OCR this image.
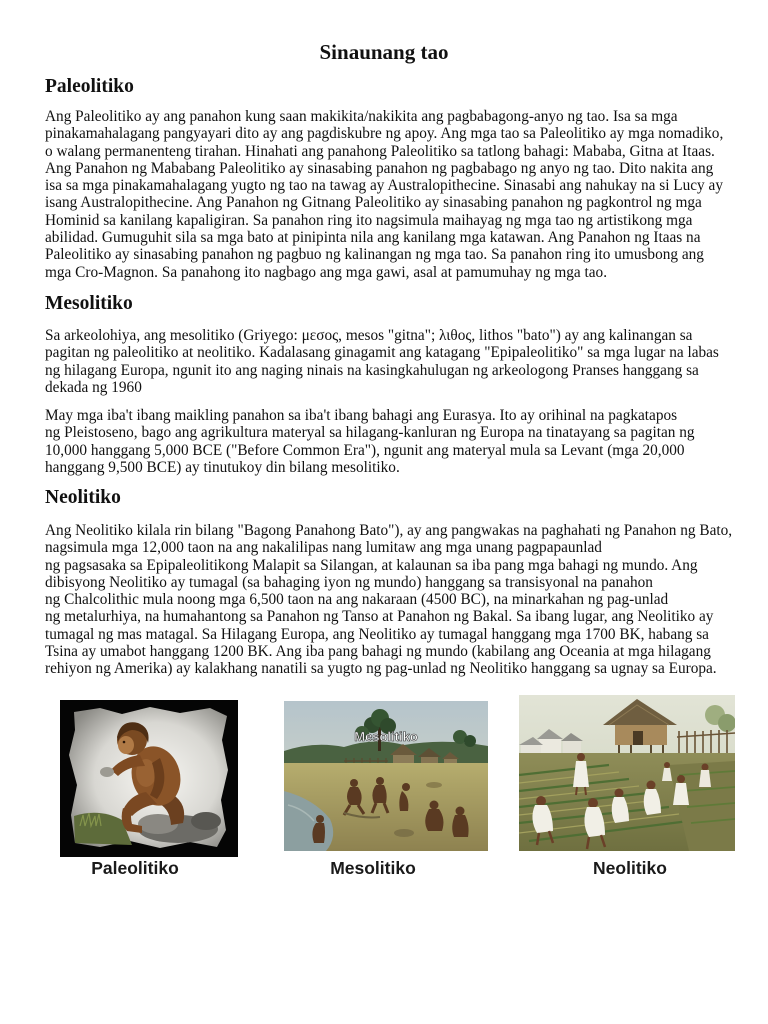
Sinaunang tao
Paleolitiko
Ang Paleolitiko ay ang panahon kung saan makikita/nakikita ang pagbabagong-anyo ng tao. Isa sa mga
pinakamahalagang pangyayari dito ay ang pagdiskubre ng apoy. Ang mga tao sa Paleolitiko ay mga nomadiko,
o walang permanenteng tirahan. Hinahati ang panahong Paleolitiko sa tatlong bahagi: Mababa, Gitna at Itaas.
Ang Panahon ng Mababang Paleolitiko ay sinasabing panahon ng pagbabago ng anyo ng tao. Dito nakita ang
isa sa mga pinakamahalagang yugto ng tao na tawag ay Australopithecine. Sinasabi ang nahukay na si Lucy ay
isang Australopithecine. Ang Panahon ng Gitnang Paleolitiko ay sinasabing panahon ng pagkontrol ng mga
Hominid sa kanilang kapaligiran. Sa panahon ring ito nagsimula maihayag ng mga tao ng artistikong mga
abilidad. Gumuguhit sila sa mga bato at pinipinta nila ang kanilang mga katawan. Ang Panahon ng Itaas na
Paleolitiko ay sinasabing panahon ng pagbuo ng kalinangan ng mga tao. Sa panahon ring ito umusbong ang
mga Cro-Magnon. Sa panahong ito nagbago ang mga gawi, asal at pamumuhay ng mga tao.
Mesolitiko
Sa arkeolohiya, ang mesolitiko (Griyego: μεσος, mesos "gitna"; λιθος, lithos "bato") ay ang kalinangan sa
pagitan ng paleolitiko at neolitiko. Kadalasang ginagamit ang katagang "Epipaleolitiko" sa mga lugar na labas
ng hilagang Europa, ngunit ito ang naging ninais na kasingkahulugan ng arkeologong Pranses hanggang sa
dekada ng 1960
May mga iba't ibang maikling panahon sa iba't ibang bahagi ang Eurasya. Ito ay orihinal na pagkatapos
ng Pleistoseno, bago ang agrikultura materyal sa hilagang-kanluran ng Europa na tinatayang sa pagitan ng
10,000 hanggang 5,000 BCE ("Before Common Era"), ngunit ang materyal mula sa Levant (mga 20,000
hanggang 9,500 BCE) ay tinutukoy din bilang mesolitiko.
Neolitiko
Ang Neolitiko kilala rin bilang "Bagong Panahong Bato"), ay ang pangwakas na paghahati ng Panahon ng Bato,
nagsimula mga 12,000 taon na ang nakalilipas nang lumitaw ang mga unang pagpapaunlad
ng pagsasaka sa Epipaleolitikong Malapit sa Silangan, at kalaunan sa iba pang mga bahagi ng mundo. Ang
dibisyong Neolitiko ay tumagal (sa bahaging iyon ng mundo) hanggang sa transisyonal na panahon
ng Chalcolithic mula noong mga 6,500 taon na ang nakaraan (4500 BC), na minarkahan ng pag-unlad
ng metalurhiya, na humahantong sa Panahon ng Tanso at Panahon ng Bakal. Sa ibang lugar, ang Neolitiko ay
tumagal ng mas matagal. Sa Hilagang Europa, ang Neolitiko ay tumagal hanggang mga 1700 BK, habang sa
Tsina ay umabot hanggang 1200 BK. Ang iba pang bahagi ng mundo (kabilang ang Oceania at mga hilagang
rehiyon ng Amerika) ay kalakhang nanatili sa yugto ng pag-unlad ng Neolitiko hanggang sa ugnay sa Europa.
Mesolitiko
Paleolitiko	Mesolitiko	Neolitiko
